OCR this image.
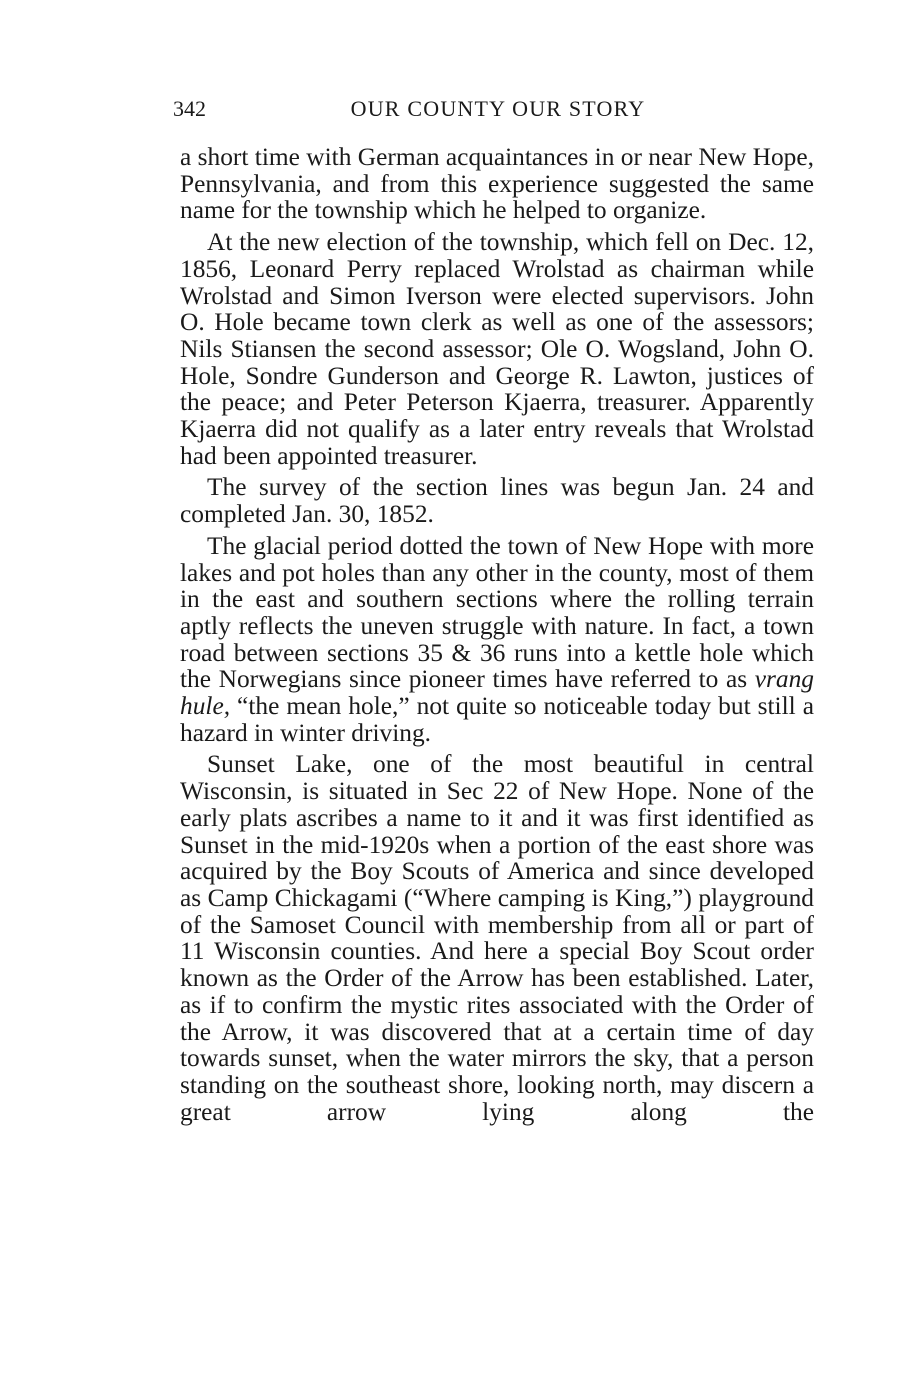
342	OUR COUNTY OUR STORY

a short time with German acquaintances in or near New Hope, Pennsylvania, and from this experience suggested the same name for the township which he helped to organize.

At the new election of the township, which fell on Dec. 12, 1856, Leonard Perry replaced Wrolstad as chairman while Wrolstad and Simon Iverson were elected supervisors. John O. Hole became town clerk as well as one of the assessors; Nils Stiansen the second assessor; Ole O. Wogsland, John O. Hole, Sondre Gunderson and George R. Lawton, justices of the peace; and Peter Peterson Kjaerra, treasurer. Apparently Kjaerra did not qualify as a later entry reveals that Wrolstad had been appointed treasurer.

The survey of the section lines was begun Jan. 24 and completed Jan. 30, 1852.

The glacial period dotted the town of New Hope with more lakes and pot holes than any other in the county, most of them in the east and southern sections where the rolling terrain aptly reflects the uneven struggle with nature. In fact, a town road between sections 35 & 36 runs into a kettle hole which the Norwegians since pioneer times have referred to as vrang hule, “the mean hole,” not quite so noticeable today but still a hazard in winter driving.

Sunset Lake, one of the most beautiful in central Wisconsin, is situated in Sec 22 of New Hope. None of the early plats ascribes a name to it and it was first identified as Sunset in the mid-1920s when a portion of the east shore was acquired by the Boy Scouts of America and since developed as Camp Chickagami (“Where camping is King,”) playground of the Samoset Council with membership from all or part of 11 Wisconsin counties. And here a special Boy Scout order known as the Order of the Arrow has been established. Later, as if to confirm the mystic rites associated with the Order of the Arrow, it was discovered that at a certain time of day towards sunset, when the water mirrors the sky, that a person standing on the southeast shore, looking north, may discern a great arrow lying along the
